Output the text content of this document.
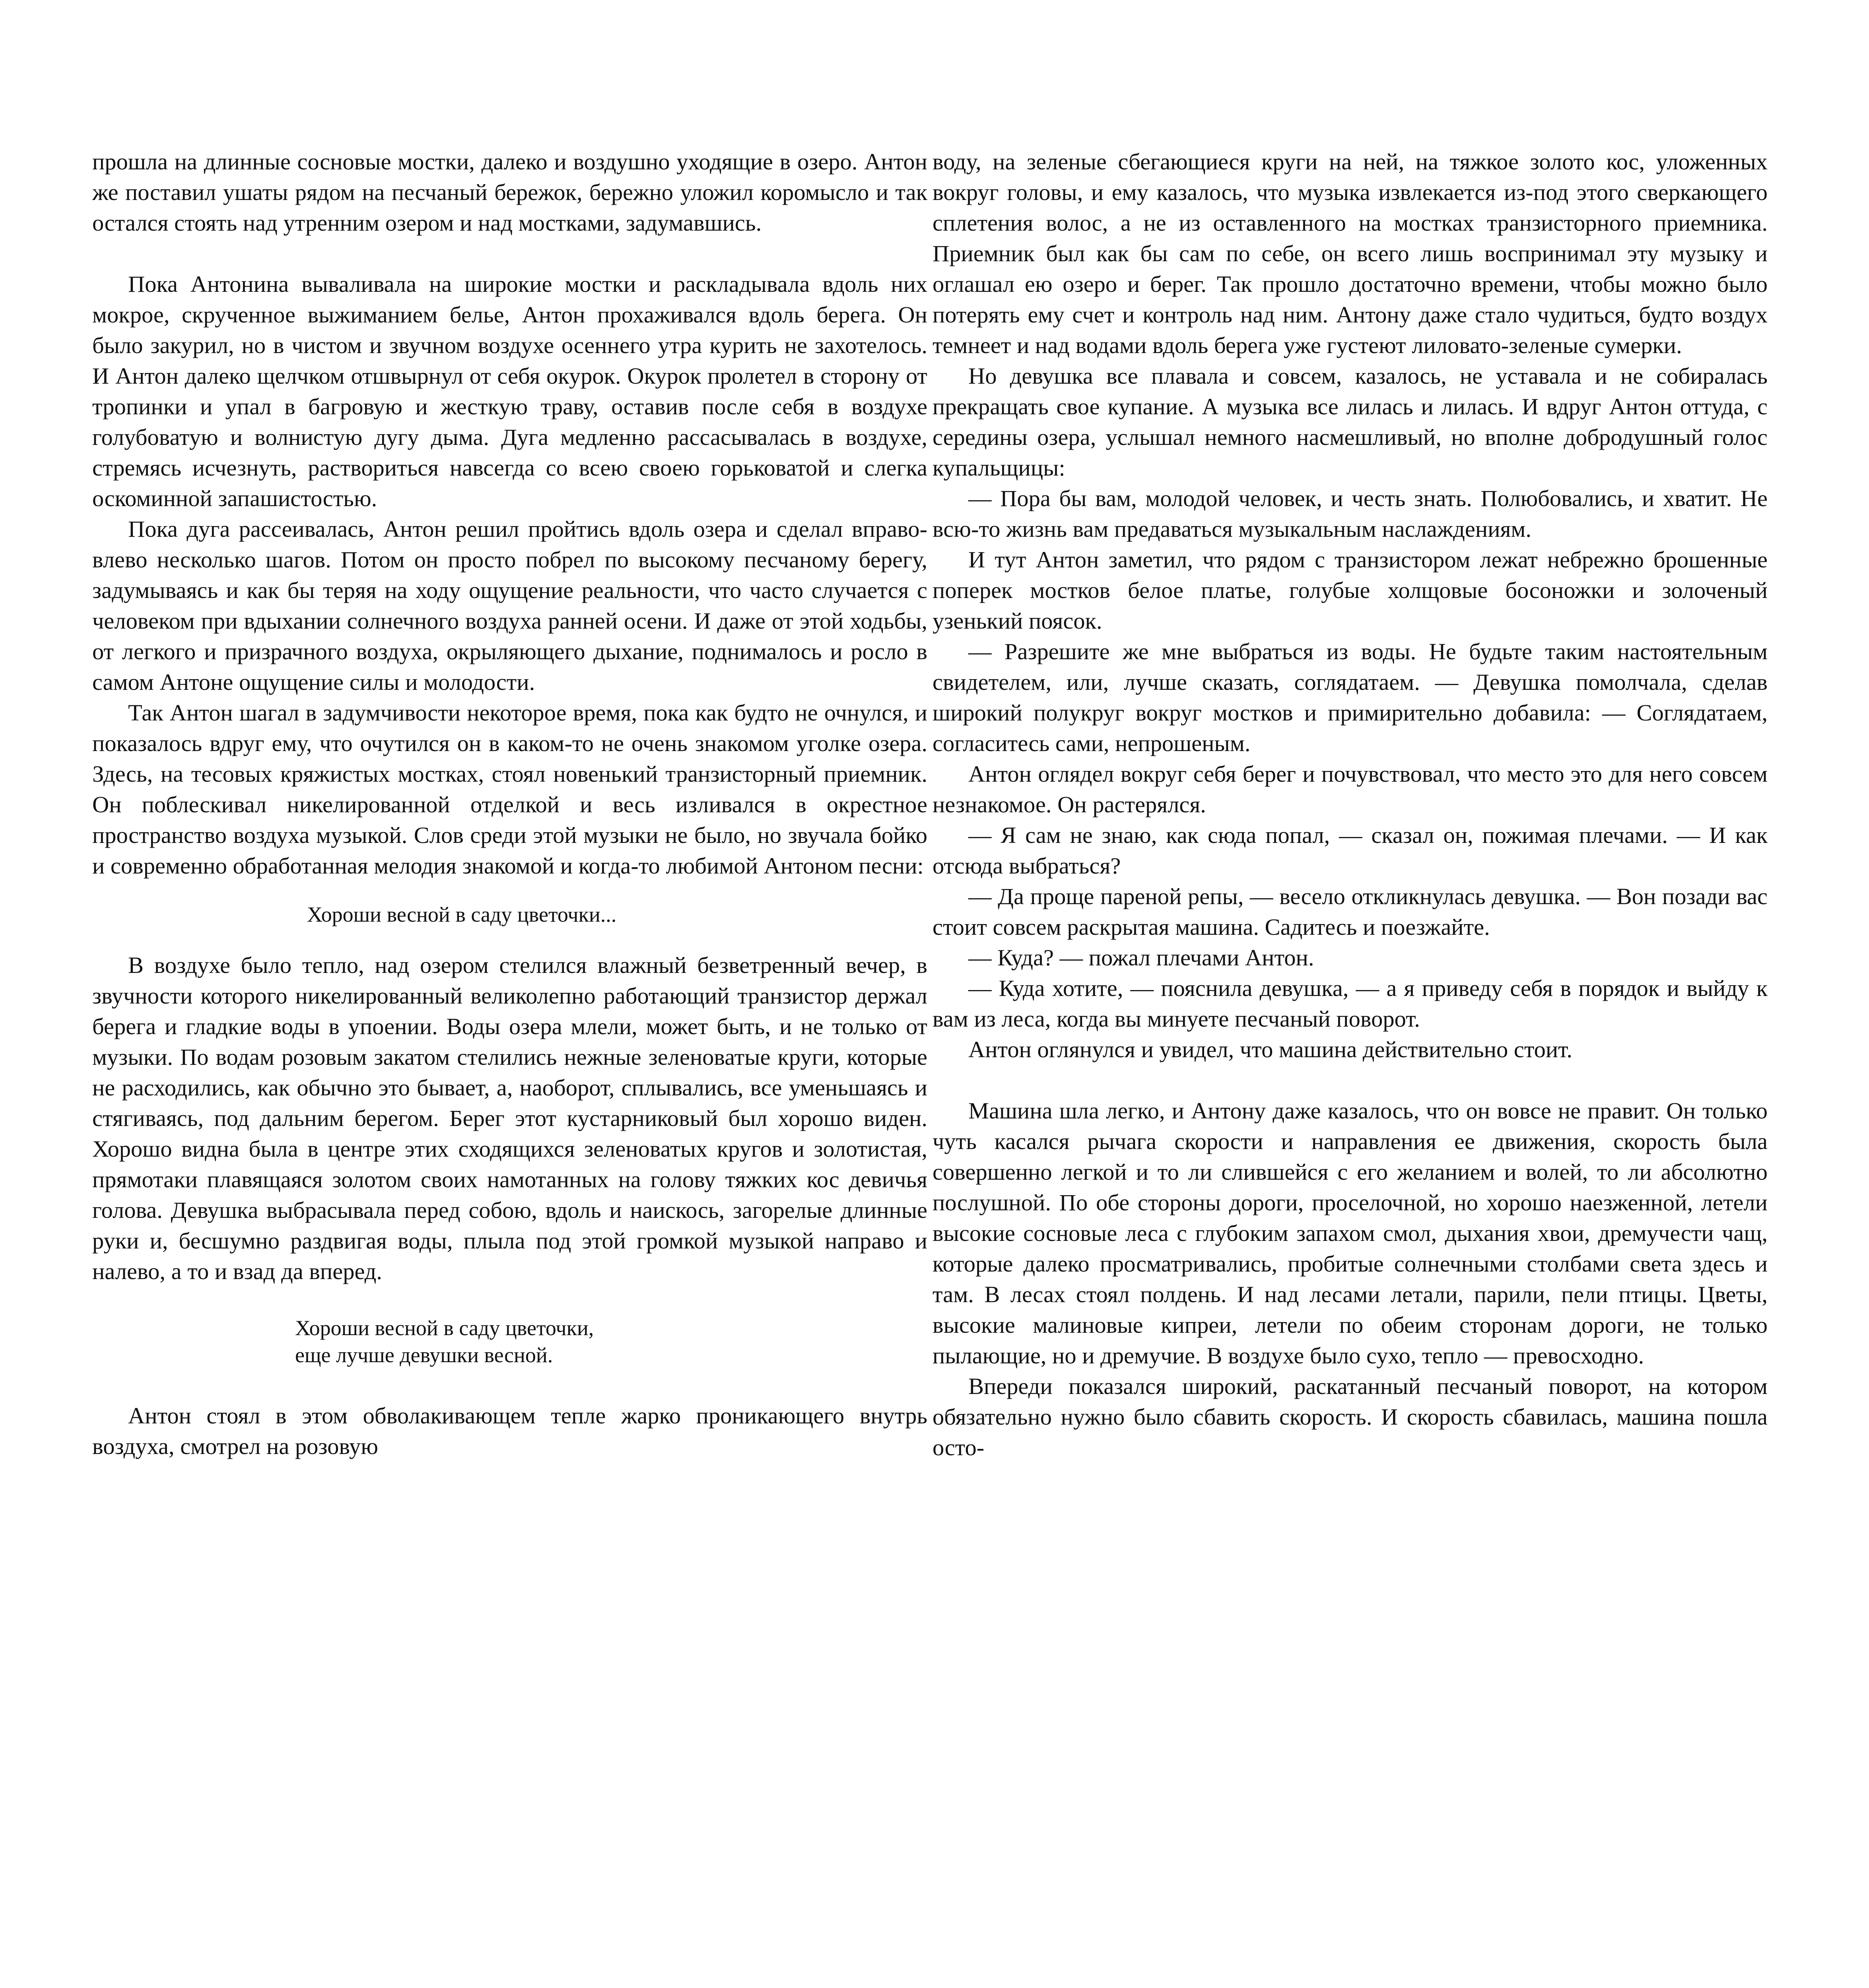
прошла на длинные сосновые мостки, далеко и воздушно уходящие в озеро. Антон же поставил ушаты рядом на песчаный бережок, бережно уложил коромысло и так остался стоять над утренним озером и над мостками, задумавшись.

Пока Антонина вываливала на широкие мостки и раскладывала вдоль них мокрое, скрученное выжиманием белье, Антон прохаживался вдоль берега. Он было закурил, но в чистом и звучном воздухе осеннего утра курить не захотелось. И Антон далеко щелчком отшвырнул от себя окурок. Окурок пролетел в сторону от тропинки и упал в багровую и жесткую траву, оставив после себя в воздухе голубоватую и волнистую дугу дыма. Дуга медленно рассасывалась в воздухе, стремясь исчезнуть, раствориться навсегда со всею своею горьковатой и слегка оскоминной запашистостью.

Пока дуга рассеивалась, Антон решил пройтись вдоль озера и сделал вправо-влево несколько шагов. Потом он просто побрел по высокому песчаному берегу, задумываясь и как бы теряя на ходу ощущение реальности, что часто случается с человеком при вдыхании солнечного воздуха ранней осени. И даже от этой ходьбы, от легкого и призрачного воздуха, окрыляющего дыхание, поднималось и росло в самом Антоне ощущение силы и молодости.

Так Антон шагал в задумчивости некоторое время, пока как будто не очнулся, и показалось вдруг ему, что очутился он в каком-то не очень знакомом уголке озера. Здесь, на тесовых кряжистых мостках, стоял новенький транзисторный приемник. Он поблескивал никелированной отделкой и весь изливался в окрестное пространство воздуха музыкой. Слов среди этой музыки не было, но звучала бойко и современно обработанная мелодия знакомой и когда-то любимой Антоном песни:

Хороши весной в саду цветочки...

В воздухе было тепло, над озером стелился влажный безветренный вечер, в звучности которого никелированный великолепно работающий транзистор держал берега и гладкие воды в упоении. Воды озера млели, может быть, и не только от музыки. По водам розовым закатом стелились нежные зеленоватые круги, которые не расходились, как обычно это бывает, а, наоборот, сплывались, все уменьшаясь и стягиваясь, под дальним берегом. Берег этот кустарниковый был хорошо виден. Хорошо видна была в центре этих сходящихся зеленоватых кругов и золотистая, прямотаки плавящаяся золотом своих намотанных на голову тяжких кос девичья голова. Девушка выбрасывала перед собою, вдоль и наискось, загорелые длинные руки и, бесшумно раздвигая воды, плыла под этой громкой музыкой направо и налево, а то и взад да вперед.

Хороши весной в саду цветочки,
еще лучше девушки весной.

Антон стоял в этом обволакивающем тепле жарко проникающего внутрь воздуха, смотрел на розовую

воду, на зеленые сбегающиеся круги на ней, на тяжкое золото кос, уложенных вокруг головы, и ему казалось, что музыка извлекается из-под этого сверкающего сплетения волос, а не из оставленного на мостках транзисторного приемника. Приемник был как бы сам по себе, он всего лишь воспринимал эту музыку и оглашал ею озеро и берег. Так прошло достаточно времени, чтобы можно было потерять ему счет и контроль над ним. Антону даже стало чудиться, будто воздух темнеет и над водами вдоль берега уже густеют лиловато-зеленые сумерки.

Но девушка все плавала и совсем, казалось, не уставала и не собиралась прекращать свое купание. А музыка все лилась и лилась. И вдруг Антон оттуда, с середины озера, услышал немного насмешливый, но вполне добродушный голос купальщицы:

— Пора бы вам, молодой человек, и честь знать. Полюбовались, и хватит. Не всю-то жизнь вам предаваться музыкальным наслаждениям.

И тут Антон заметил, что рядом с транзистором лежат небрежно брошенные поперек мостков белое платье, голубые холщовые босоножки и золоченый узенький поясок.

— Разрешите же мне выбраться из воды. Не будьте таким настоятельным свидетелем, или, лучше сказать, соглядатаем. — Девушка помолчала, сделав широкий полукруг вокруг мостков и примирительно добавила: — Соглядатаем, согласитесь сами, непрошеным.

Антон оглядел вокруг себя берег и почувствовал, что место это для него совсем незнакомое. Он растерялся.

— Я сам не знаю, как сюда попал, — сказал он, пожимая плечами. — И как отсюда выбраться?

— Да проще пареной репы, — весело откликнулась девушка. — Вон позади вас стоит совсем раскрытая машина. Садитесь и поезжайте.

— Куда? — пожал плечами Антон.

— Куда хотите, — пояснила девушка, — а я приведу себя в порядок и выйду к вам из леса, когда вы минуете песчаный поворот.

Антон оглянулся и увидел, что машина действительно стоит.

Машина шла легко, и Антону даже казалось, что он вовсе не правит. Он только чуть касался рычага скорости и направления ее движения, скорость была совершенно легкой и то ли слившейся с его желанием и волей, то ли абсолютно послушной. По обе стороны дороги, проселочной, но хорошо наезженной, летели высокие сосновые леса с глубоким запахом смол, дыхания хвои, дремучести чащ, которые далеко просматривались, пробитые солнечными столбами света здесь и там. В лесах стоял полдень. И над лесами летали, парили, пели птицы. Цветы, высокие малиновые кипреи, летели по обеим сторонам дороги, не только пылающие, но и дремучие. В воздухе было сухо, тепло — превосходно.

Впереди показался широкий, раскатанный песчаный поворот, на котором обязательно нужно было сбавить скорость. И скорость сбавилась, машина пошла осто-
